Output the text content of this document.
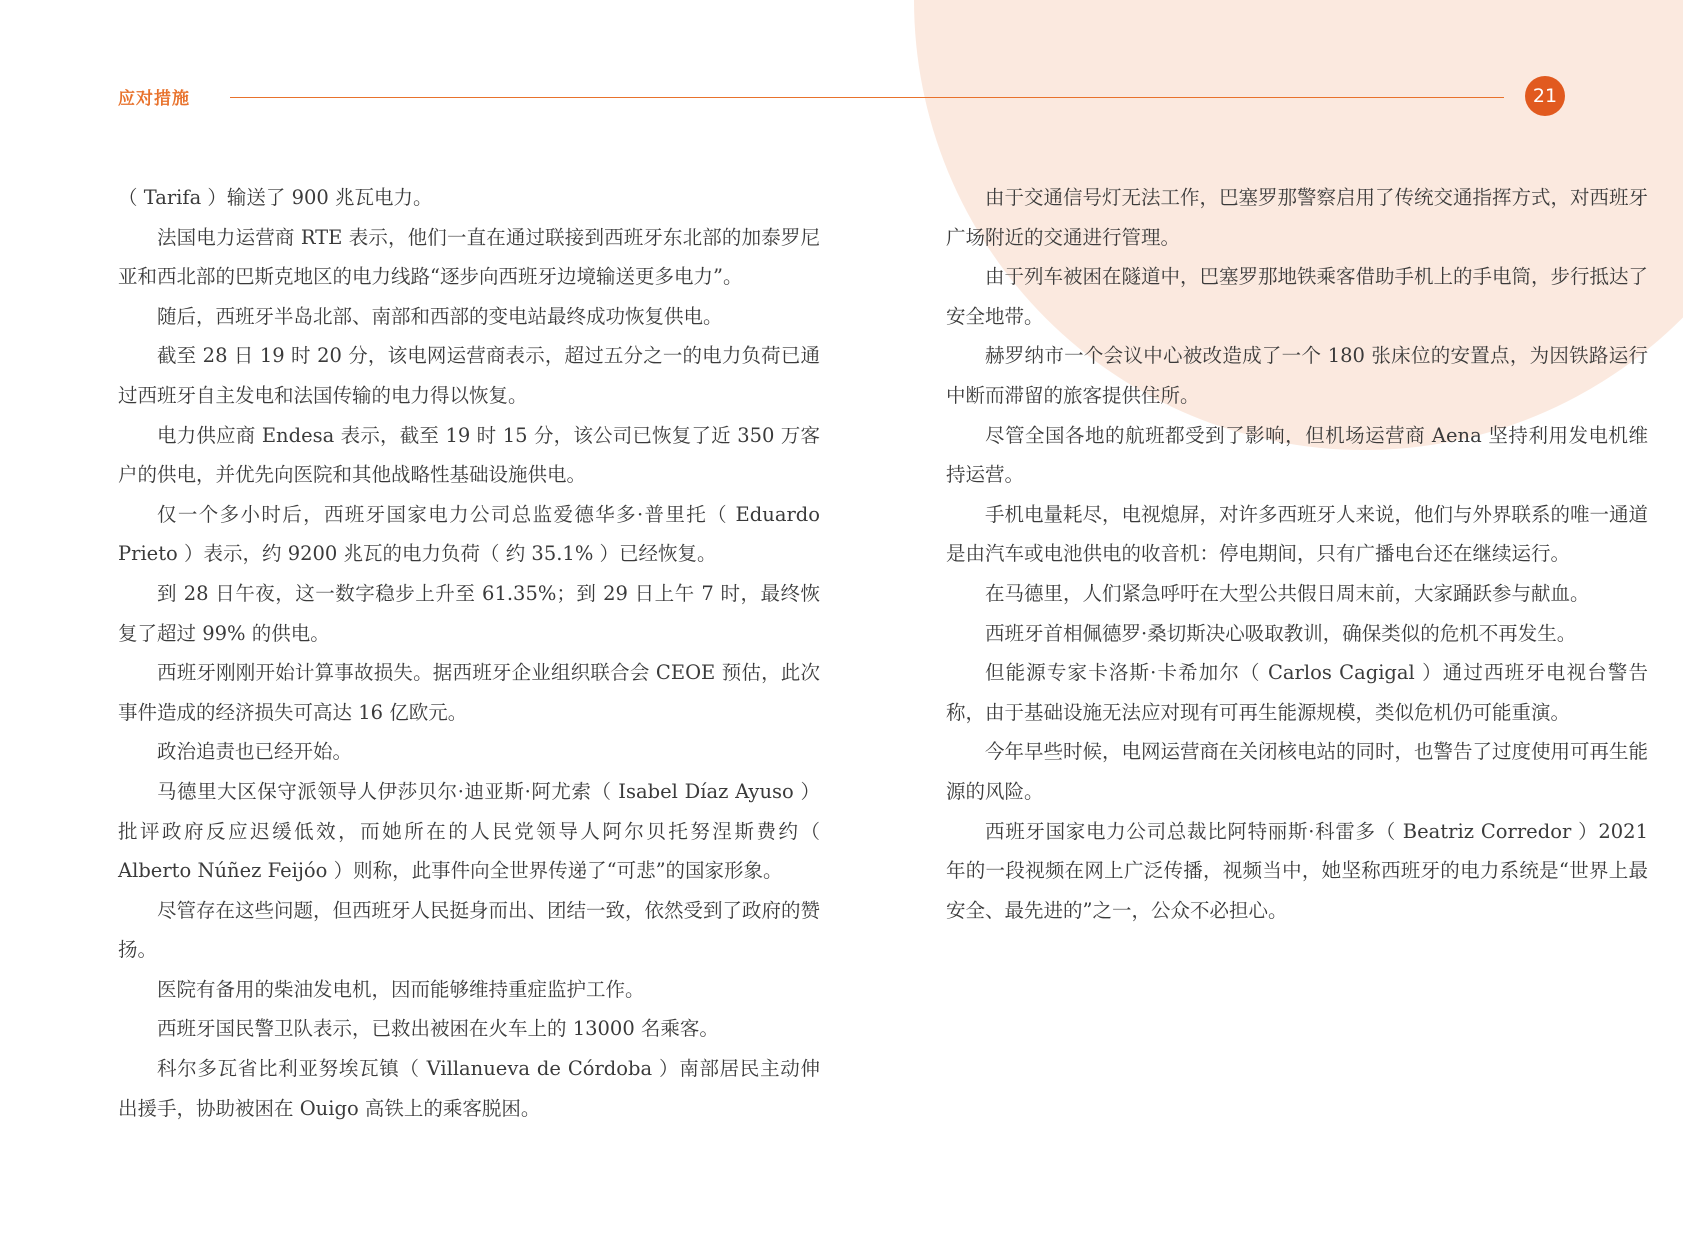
应对措施	21

（ Tarifa ）输送了 900 兆瓦电力。

法国电力运营商 RTE 表示，他们一直在通过联接到西班牙东北部的加泰罗尼亚和西北部的巴斯克地区的电力线路“逐步向西班牙边境输送更多电力”。

随后，西班牙半岛北部、南部和西部的变电站最终成功恢复供电。

截至 28 日 19 时 20 分，该电网运营商表示，超过五分之一的电力负荷已通过西班牙自主发电和法国传输的电力得以恢复。

电力供应商 Endesa 表示，截至 19 时 15 分，该公司已恢复了近 350 万客户的供电，并优先向医院和其他战略性基础设施供电。

仅一个多小时后，西班牙国家电力公司总监爱德华多·普里托（ Eduardo Prieto ）表示，约 9200 兆瓦的电力负荷（ 约 35.1% ）已经恢复。

到 28 日午夜，这一数字稳步上升至 61.35%；到 29 日上午 7 时，最终恢复了超过 99% 的供电。

西班牙刚刚开始计算事故损失。据西班牙企业组织联合会 CEOE 预估，此次事件造成的经济损失可高达 16 亿欧元。

政治追责也已经开始。

马德里大区保守派领导人伊莎贝尔·迪亚斯·阿尤索（ Isabel Díaz Ayuso ）批评政府反应迟缓低效，而她所在的人民党领导人阿尔贝托努涅斯费约（ Alberto Núñez Feijóo ）则称，此事件向全世界传递了“可悲”的国家形象。

尽管存在这些问题，但西班牙人民挺身而出、团结一致，依然受到了政府的赞扬。

医院有备用的柴油发电机，因而能够维持重症监护工作。

西班牙国民警卫队表示，已救出被困在火车上的 13000 名乘客。

科尔多瓦省比利亚努埃瓦镇（ Villanueva de Córdoba ）南部居民主动伸出援手，协助被困在 Ouigo 高铁上的乘客脱困。

由于交通信号灯无法工作，巴塞罗那警察启用了传统交通指挥方式，对西班牙广场附近的交通进行管理。

由于列车被困在隧道中，巴塞罗那地铁乘客借助手机上的手电筒，步行抵达了安全地带。

赫罗纳市一个会议中心被改造成了一个 180 张床位的安置点，为因铁路运行中断而滞留的旅客提供住所。

尽管全国各地的航班都受到了影响，但机场运营商 Aena 坚持利用发电机维持运营。

手机电量耗尽，电视熄屏，对许多西班牙人来说，他们与外界联系的唯一通道是由汽车或电池供电的收音机：停电期间，只有广播电台还在继续运行。

在马德里，人们紧急呼吁在大型公共假日周末前，大家踊跃参与献血。

西班牙首相佩德罗·桑切斯决心吸取教训，确保类似的危机不再发生。

但能源专家卡洛斯·卡希加尔（ Carlos Cagigal ）通过西班牙电视台警告称，由于基础设施无法应对现有可再生能源规模，类似危机仍可能重演。

今年早些时候，电网运营商在关闭核电站的同时，也警告了过度使用可再生能源的风险。

西班牙国家电力公司总裁比阿特丽斯·科雷多（ Beatriz Corredor ）2021 年的一段视频在网上广泛传播，视频当中，她坚称西班牙的电力系统是“世界上最安全、最先进的”之一，公众不必担心。
